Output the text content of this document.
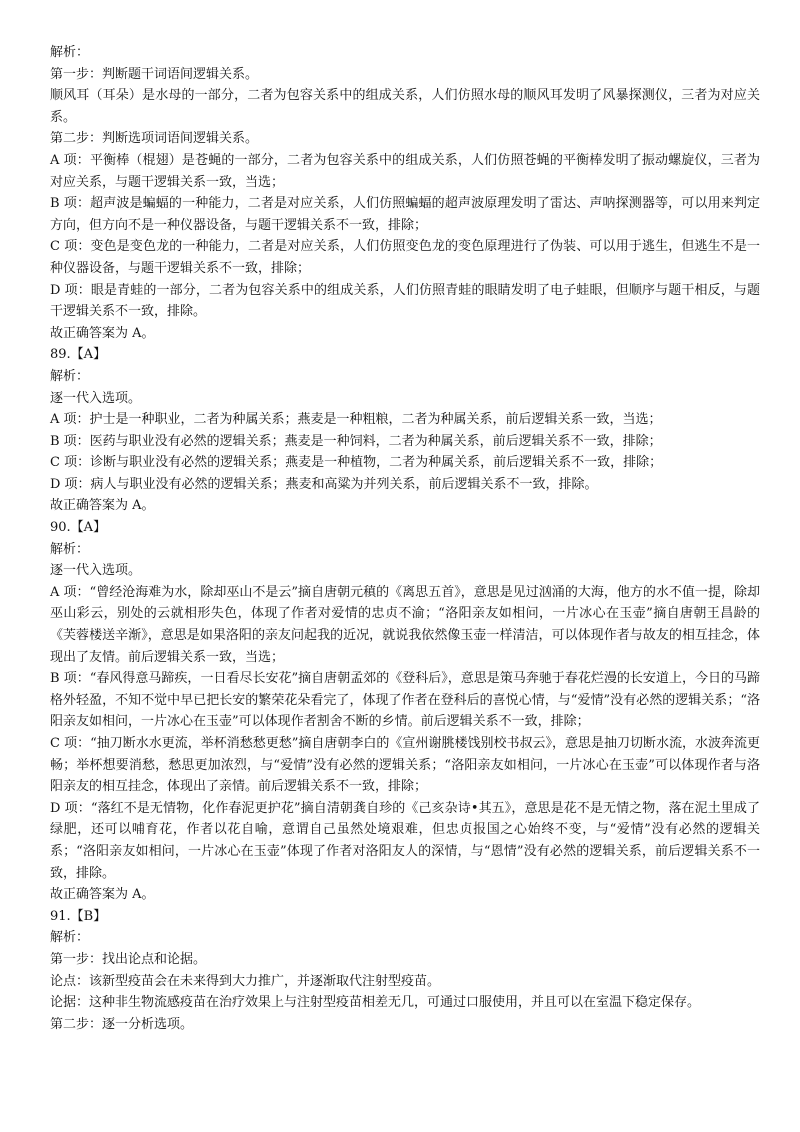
解析：
第一步：判断题干词语间逻辑关系。
顺风耳（耳朵）是水母的一部分，二者为包容关系中的组成关系，人们仿照水母的顺风耳发明了风暴探测仪，三者为对应关系。
第二步：判断选项词语间逻辑关系。
A 项：平衡棒（棍翅）是苍蝇的一部分，二者为包容关系中的组成关系，人们仿照苍蝇的平衡棒发明了振动螺旋仪，三者为对应关系，与题干逻辑关系一致，当选；
B 项：超声波是蝙蝠的一种能力，二者是对应关系，人们仿照蝙蝠的超声波原理发明了雷达、声呐探测器等，可以用来判定方向，但方向不是一种仪器设备，与题干逻辑关系不一致，排除；
C 项：变色是变色龙的一种能力，二者是对应关系，人们仿照变色龙的变色原理进行了伪装、可以用于逃生，但逃生不是一种仪器设备，与题干逻辑关系不一致，排除；
D 项：眼是青蛙的一部分，二者为包容关系中的组成关系，人们仿照青蛙的眼睛发明了电子蛙眼，但顺序与题干相反，与题干逻辑关系不一致，排除。
故正确答案为 A。
89.【A】
解析：
逐一代入选项。
A 项：护士是一种职业，二者为种属关系；燕麦是一种粗粮，二者为种属关系，前后逻辑关系一致，当选；
B 项：医药与职业没有必然的逻辑关系；燕麦是一种饲料，二者为种属关系，前后逻辑关系不一致，排除；
C 项：诊断与职业没有必然的逻辑关系；燕麦是一种植物，二者为种属关系，前后逻辑关系不一致，排除；
D 项：病人与职业没有必然的逻辑关系；燕麦和高粱为并列关系，前后逻辑关系不一致，排除。
故正确答案为 A。
90.【A】
解析：
逐一代入选项。
A 项：“曾经沧海难为水，除却巫山不是云”摘自唐朝元稹的《离思五首》，意思是见过汹涌的大海，他方的水不值一提，除却巫山彩云，别处的云就相形失色，体现了作者对爱情的忠贞不渝；“洛阳亲友如相问，一片冰心在玉壶”摘自唐朝王昌龄的《芙蓉楼送辛渐》，意思是如果洛阳的亲友问起我的近况，就说我依然像玉壶一样清洁，可以体现作者与故友的相互挂念，体现出了友情。前后逻辑关系一致，当选；
B 项：“春风得意马蹄疾，一日看尽长安花”摘自唐朝孟郊的《登科后》，意思是策马奔驰于春花烂漫的长安道上，今日的马蹄格外轻盈，不知不觉中早已把长安的繁荣花朵看完了，体现了作者在登科后的喜悦心情，与“爱情”没有必然的逻辑关系；“洛阳亲友如相问，一片冰心在玉壶”可以体现作者割舍不断的乡情。前后逻辑关系不一致，排除；
C 项：“抽刀断水水更流，举杯消愁愁更愁”摘自唐朝李白的《宣州谢朓楼饯别校书叔云》，意思是抽刀切断水流，水波奔流更畅；举杯想要消愁，愁思更加浓烈，与“爱情”没有必然的逻辑关系；“洛阳亲友如相问，一片冰心在玉壶”可以体现作者与洛阳亲友的相互挂念，体现出了亲情。前后逻辑关系不一致，排除；
D 项：“落红不是无情物，化作春泥更护花”摘自清朝龚自珍的《己亥杂诗•其五》，意思是花不是无情之物，落在泥土里成了绿肥，还可以哺育花，作者以花自喻，意谓自己虽然处境艰难，但忠贞报国之心始终不变，与“爱情”没有必然的逻辑关系；“洛阳亲友如相问，一片冰心在玉壶”体现了作者对洛阳友人的深情，与“恩情”没有必然的逻辑关系，前后逻辑关系不一致，排除。
故正确答案为 A。
91.【B】
解析：
第一步：找出论点和论据。
论点：该新型疫苗会在未来得到大力推广，并逐渐取代注射型疫苗。
论据：这种非生物流感疫苗在治疗效果上与注射型疫苗相差无几，可通过口服使用，并且可以在室温下稳定保存。
第二步：逐一分析选项。
